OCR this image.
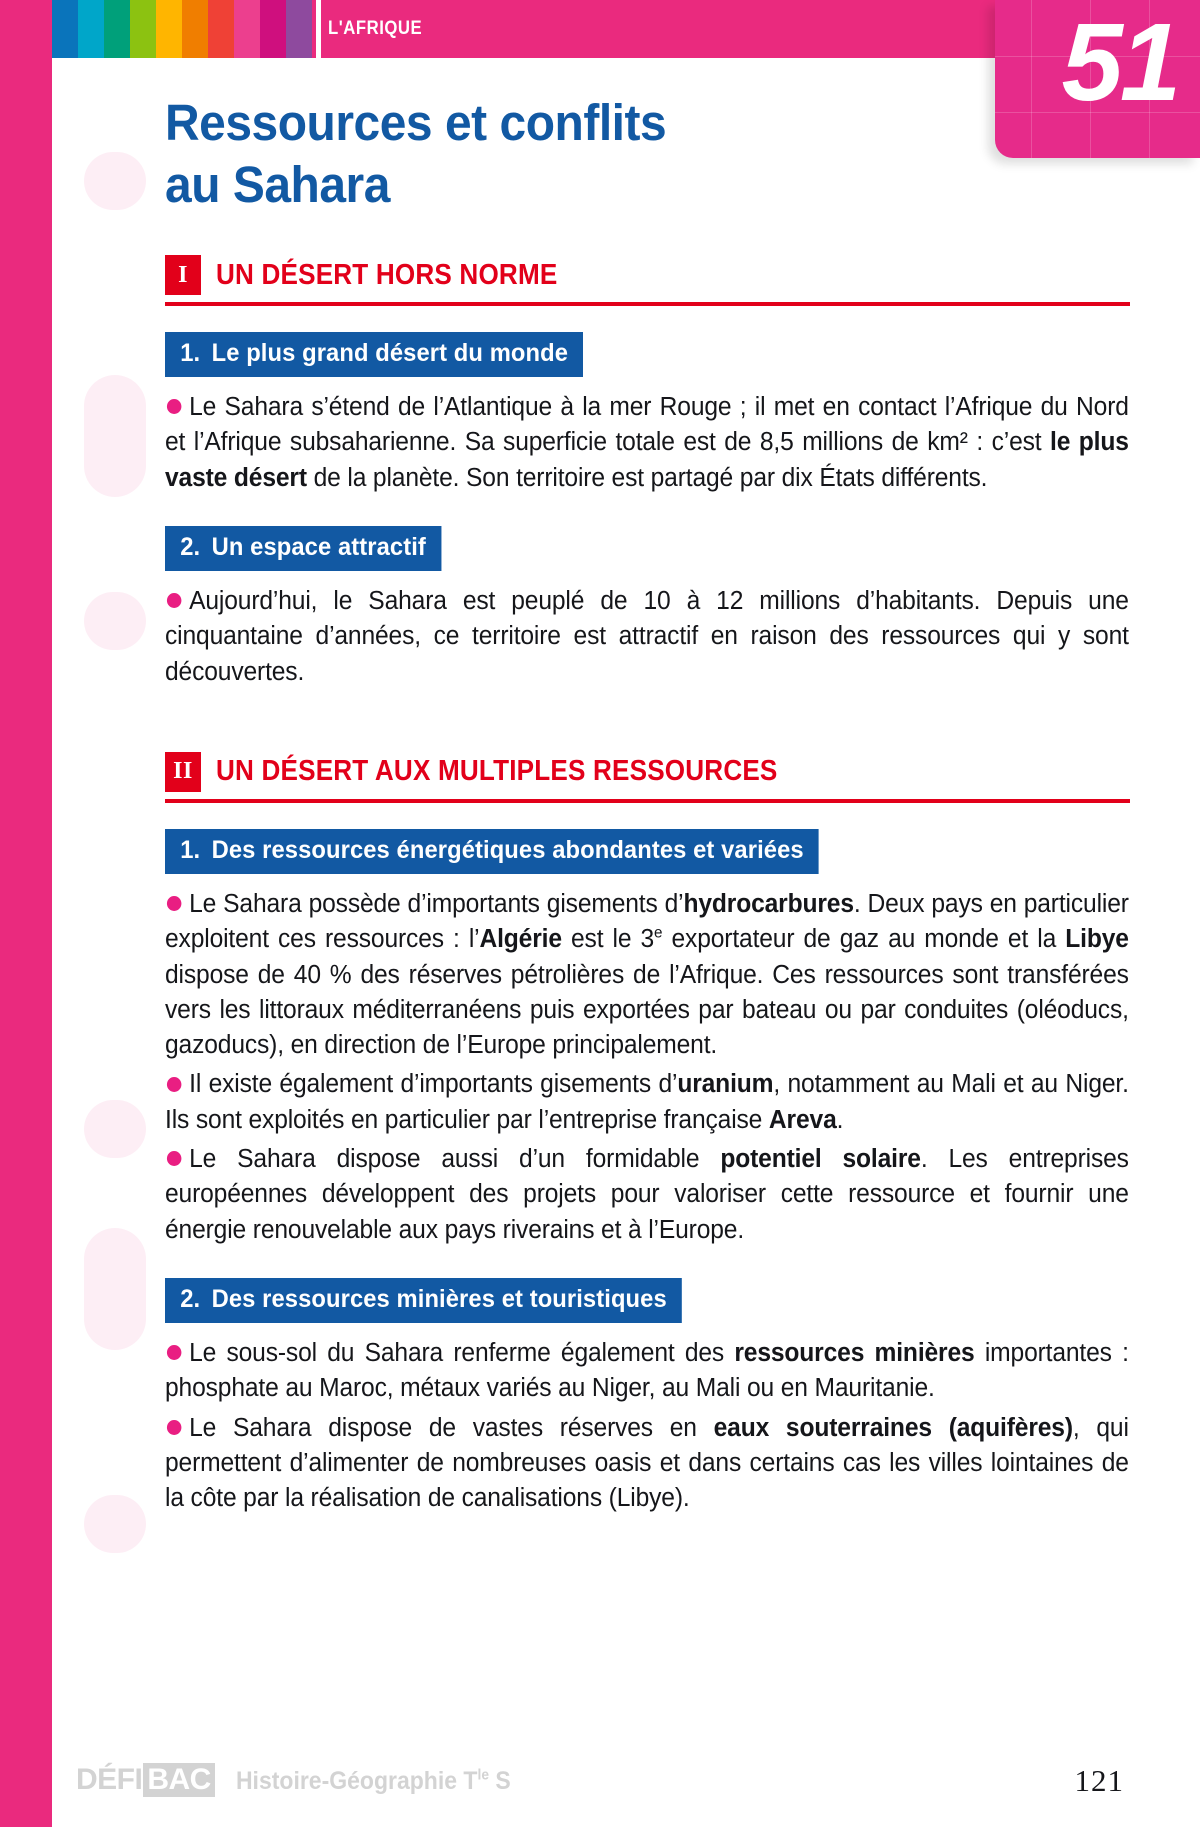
L'AFRIQUE	51
Ressources et conflits
au Sahara
I UN DÉSERT HORS NORME
1. Le plus grand désert du monde

Le Sahara s’étend de l’Atlantique à la mer Rouge ; il met en contact l’Afrique du Nord et l’Afrique subsaharienne. Sa superficie totale est de 8,5 millions de km² : c’est le plus vaste désert de la planète. Son territoire est partagé par dix États différents.

2. Un espace attractif

Aujourd’hui, le Sahara est peuplé de 10 à 12 millions d’habitants. Depuis une cinquantaine d’années, ce territoire est attractif en raison des ressources qui y sont découvertes.

II UN DÉSERT AUX MULTIPLES RESSOURCES
1. Des ressources énergétiques abondantes et variées

Le Sahara possède d’importants gisements d’hydrocarbures. Deux pays en particulier exploitent ces ressources : l’Algérie est le 3e exportateur de gaz au monde et la Libye dispose de 40 % des réserves pétrolières de l’Afrique. Ces ressources sont transférées vers les littoraux méditerranéens puis exportées par bateau ou par conduites (oléoducs, gazoducs), en direction de l’Europe principalement.

Il existe également d’importants gisements d’uranium, notamment au Mali et au Niger. Ils sont exploités en particulier par l’entreprise française Areva.

Le Sahara dispose aussi d’un formidable potentiel solaire. Les entreprises européennes développent des projets pour valoriser cette ressource et fournir une énergie renouvelable aux pays riverains et à l’Europe.

2. Des ressources minières et touristiques

Le sous-sol du Sahara renferme également des ressources minières importantes : phosphate au Maroc, métaux variés au Niger, au Mali ou en Mauritanie.

Le Sahara dispose de vastes réserves en eaux souterraines (aquifères), qui permettent d’alimenter de nombreuses oasis et dans certains cas les villes lointaines de la côte par la réalisation de canalisations (Libye).

DÉFI BAC Histoire-Géographie $T^{le}$ S	121
